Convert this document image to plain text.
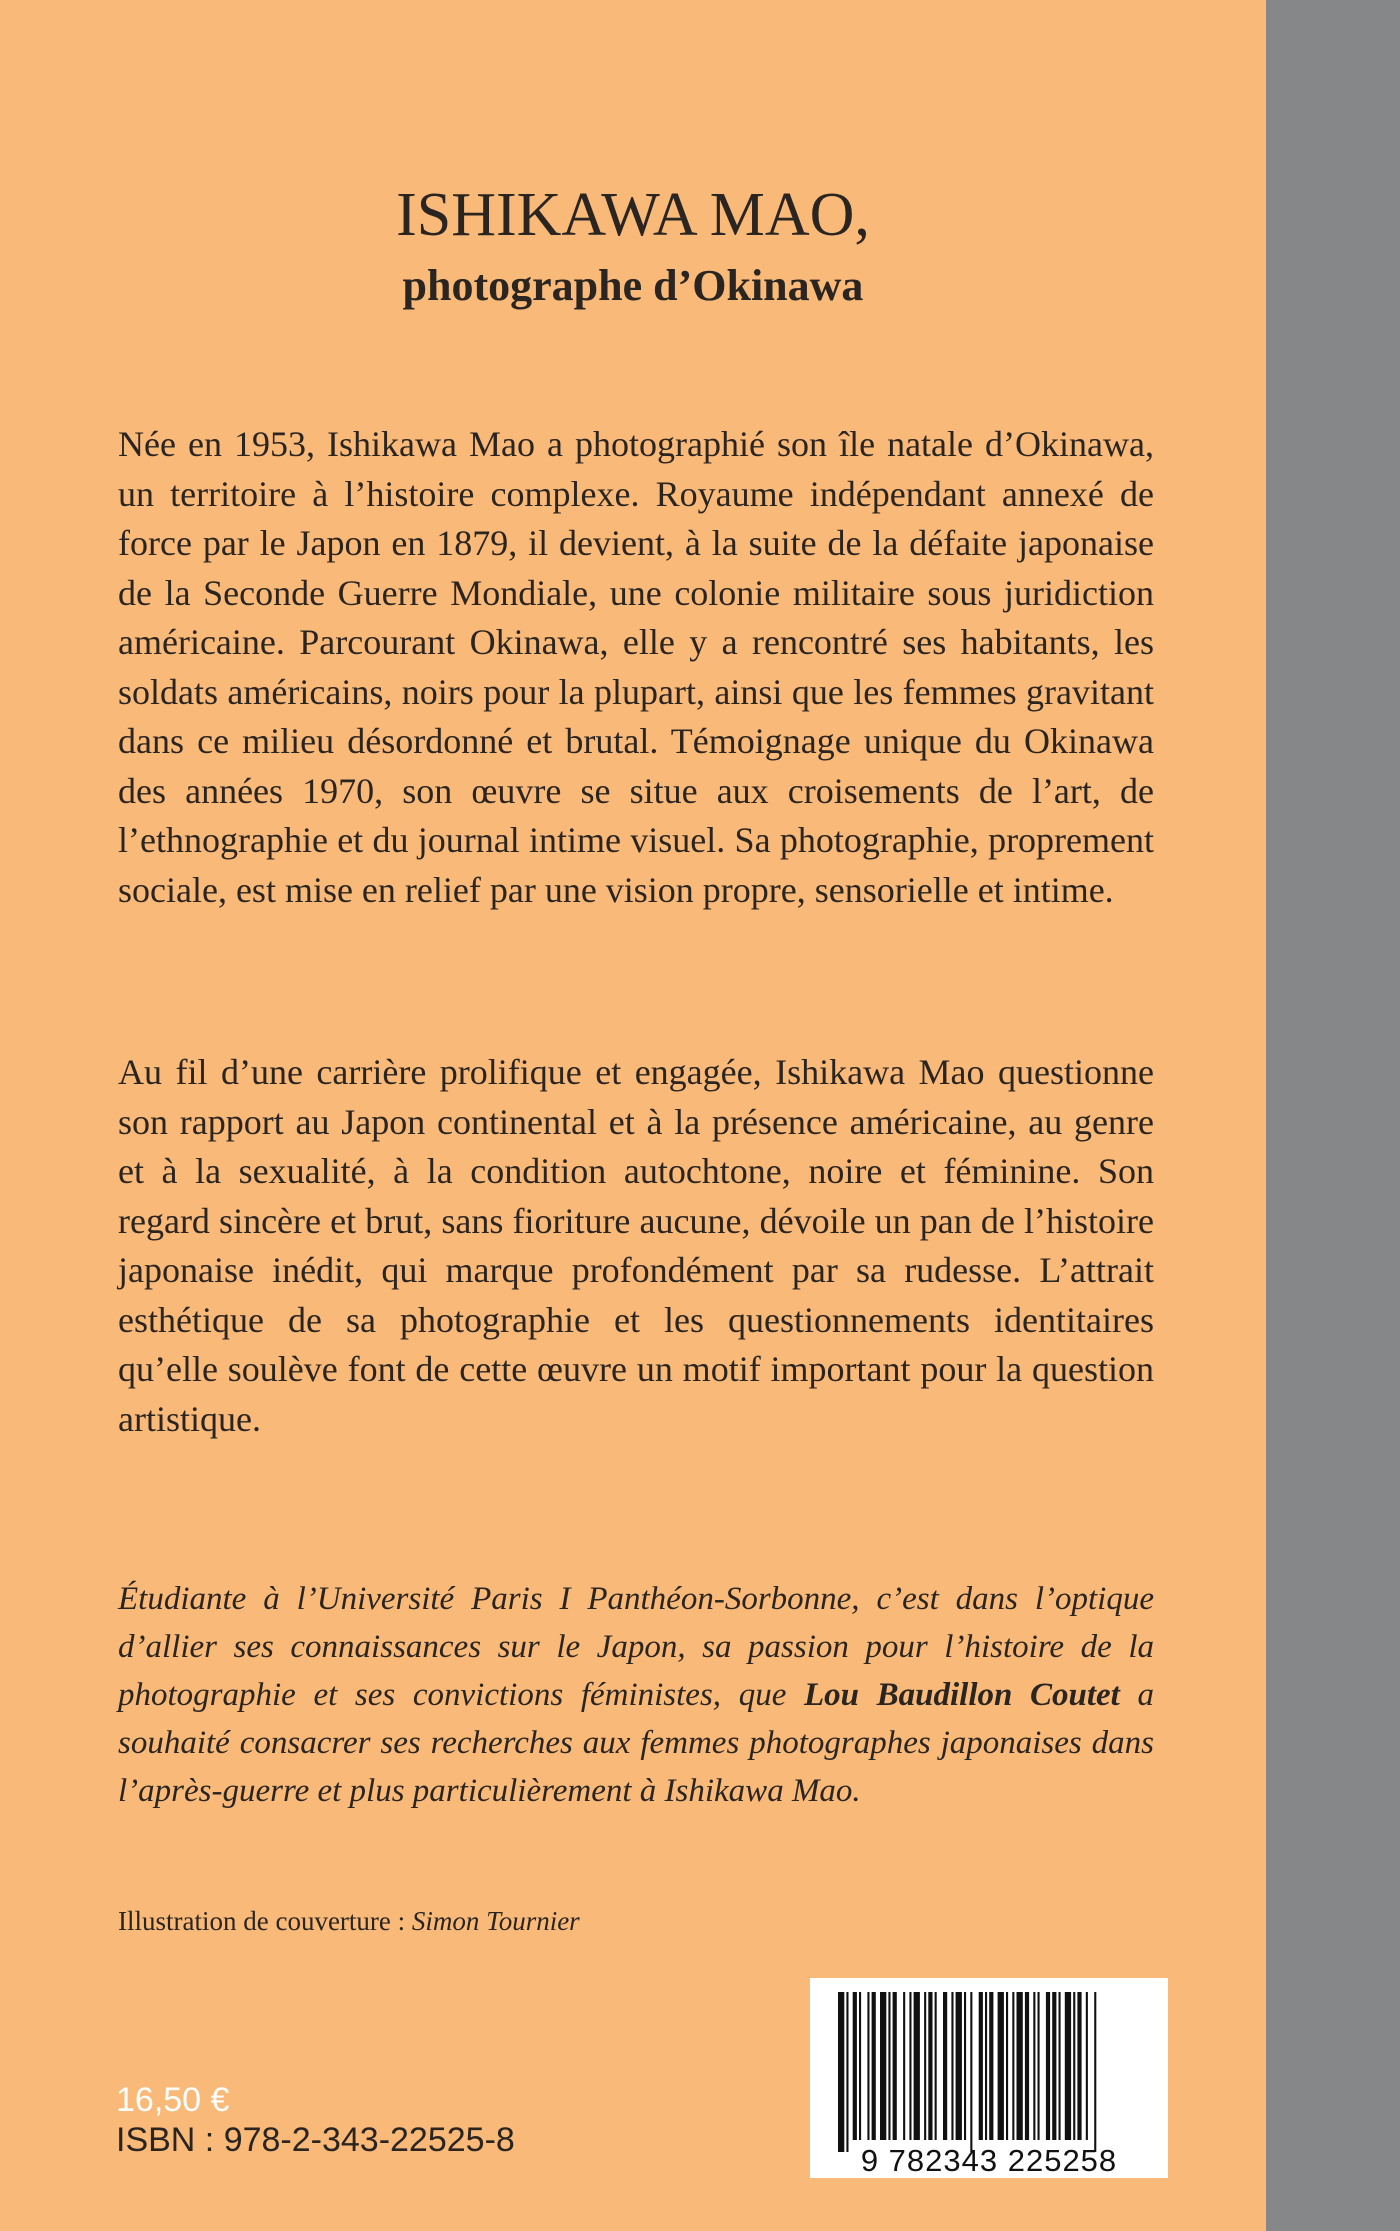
ISHIKAWA MAO,
photographe d’Okinawa

Née en 1953, Ishikawa Mao a photographié son île natale d’Okinawa, un territoire à l’histoire complexe. Royaume indépendant annexé de force par le Japon en 1879, il devient, à la suite de la défaite japonaise de la Seconde Guerre Mondiale, une colonie militaire sous juridiction américaine. Parcourant Okinawa, elle y a rencontré ses habitants, les soldats américains, noirs pour la plupart, ainsi que les femmes gravitant dans ce milieu désordonné et brutal. Témoignage unique du Okinawa des années 1970, son œuvre se situe aux croisements de l’art, de l’ethnographie et du journal intime visuel. Sa photographie, proprement sociale, est mise en relief par une vision propre, sensorielle et intime.

Au fil d’une carrière prolifique et engagée, Ishikawa Mao questionne son rapport au Japon continental et à la présence américaine, au genre et à la sexualité, à la condition autochtone, noire et féminine. Son regard sincère et brut, sans fioriture aucune, dévoile un pan de l’histoire japonaise inédit, qui marque profondément par sa rudesse. L’attrait esthétique de sa photographie et les questionnements identitaires qu’elle soulève font de cette œuvre un motif important pour la question artistique.

Étudiante à l’Université Paris I Panthéon-Sorbonne, c’est dans l’optique d’allier ses connaissances sur le Japon, sa passion pour l’histoire de la photographie et ses convictions féministes, que Lou Baudillon Coutet a souhaité consacrer ses recherches aux femmes photographes japonaises dans l’après-guerre et plus particulièrement à Ishikawa Mao.

Illustration de couverture : Simon Tournier

16,50 €

ISBN : 978-2-343-22525-8

9 782343 225258
